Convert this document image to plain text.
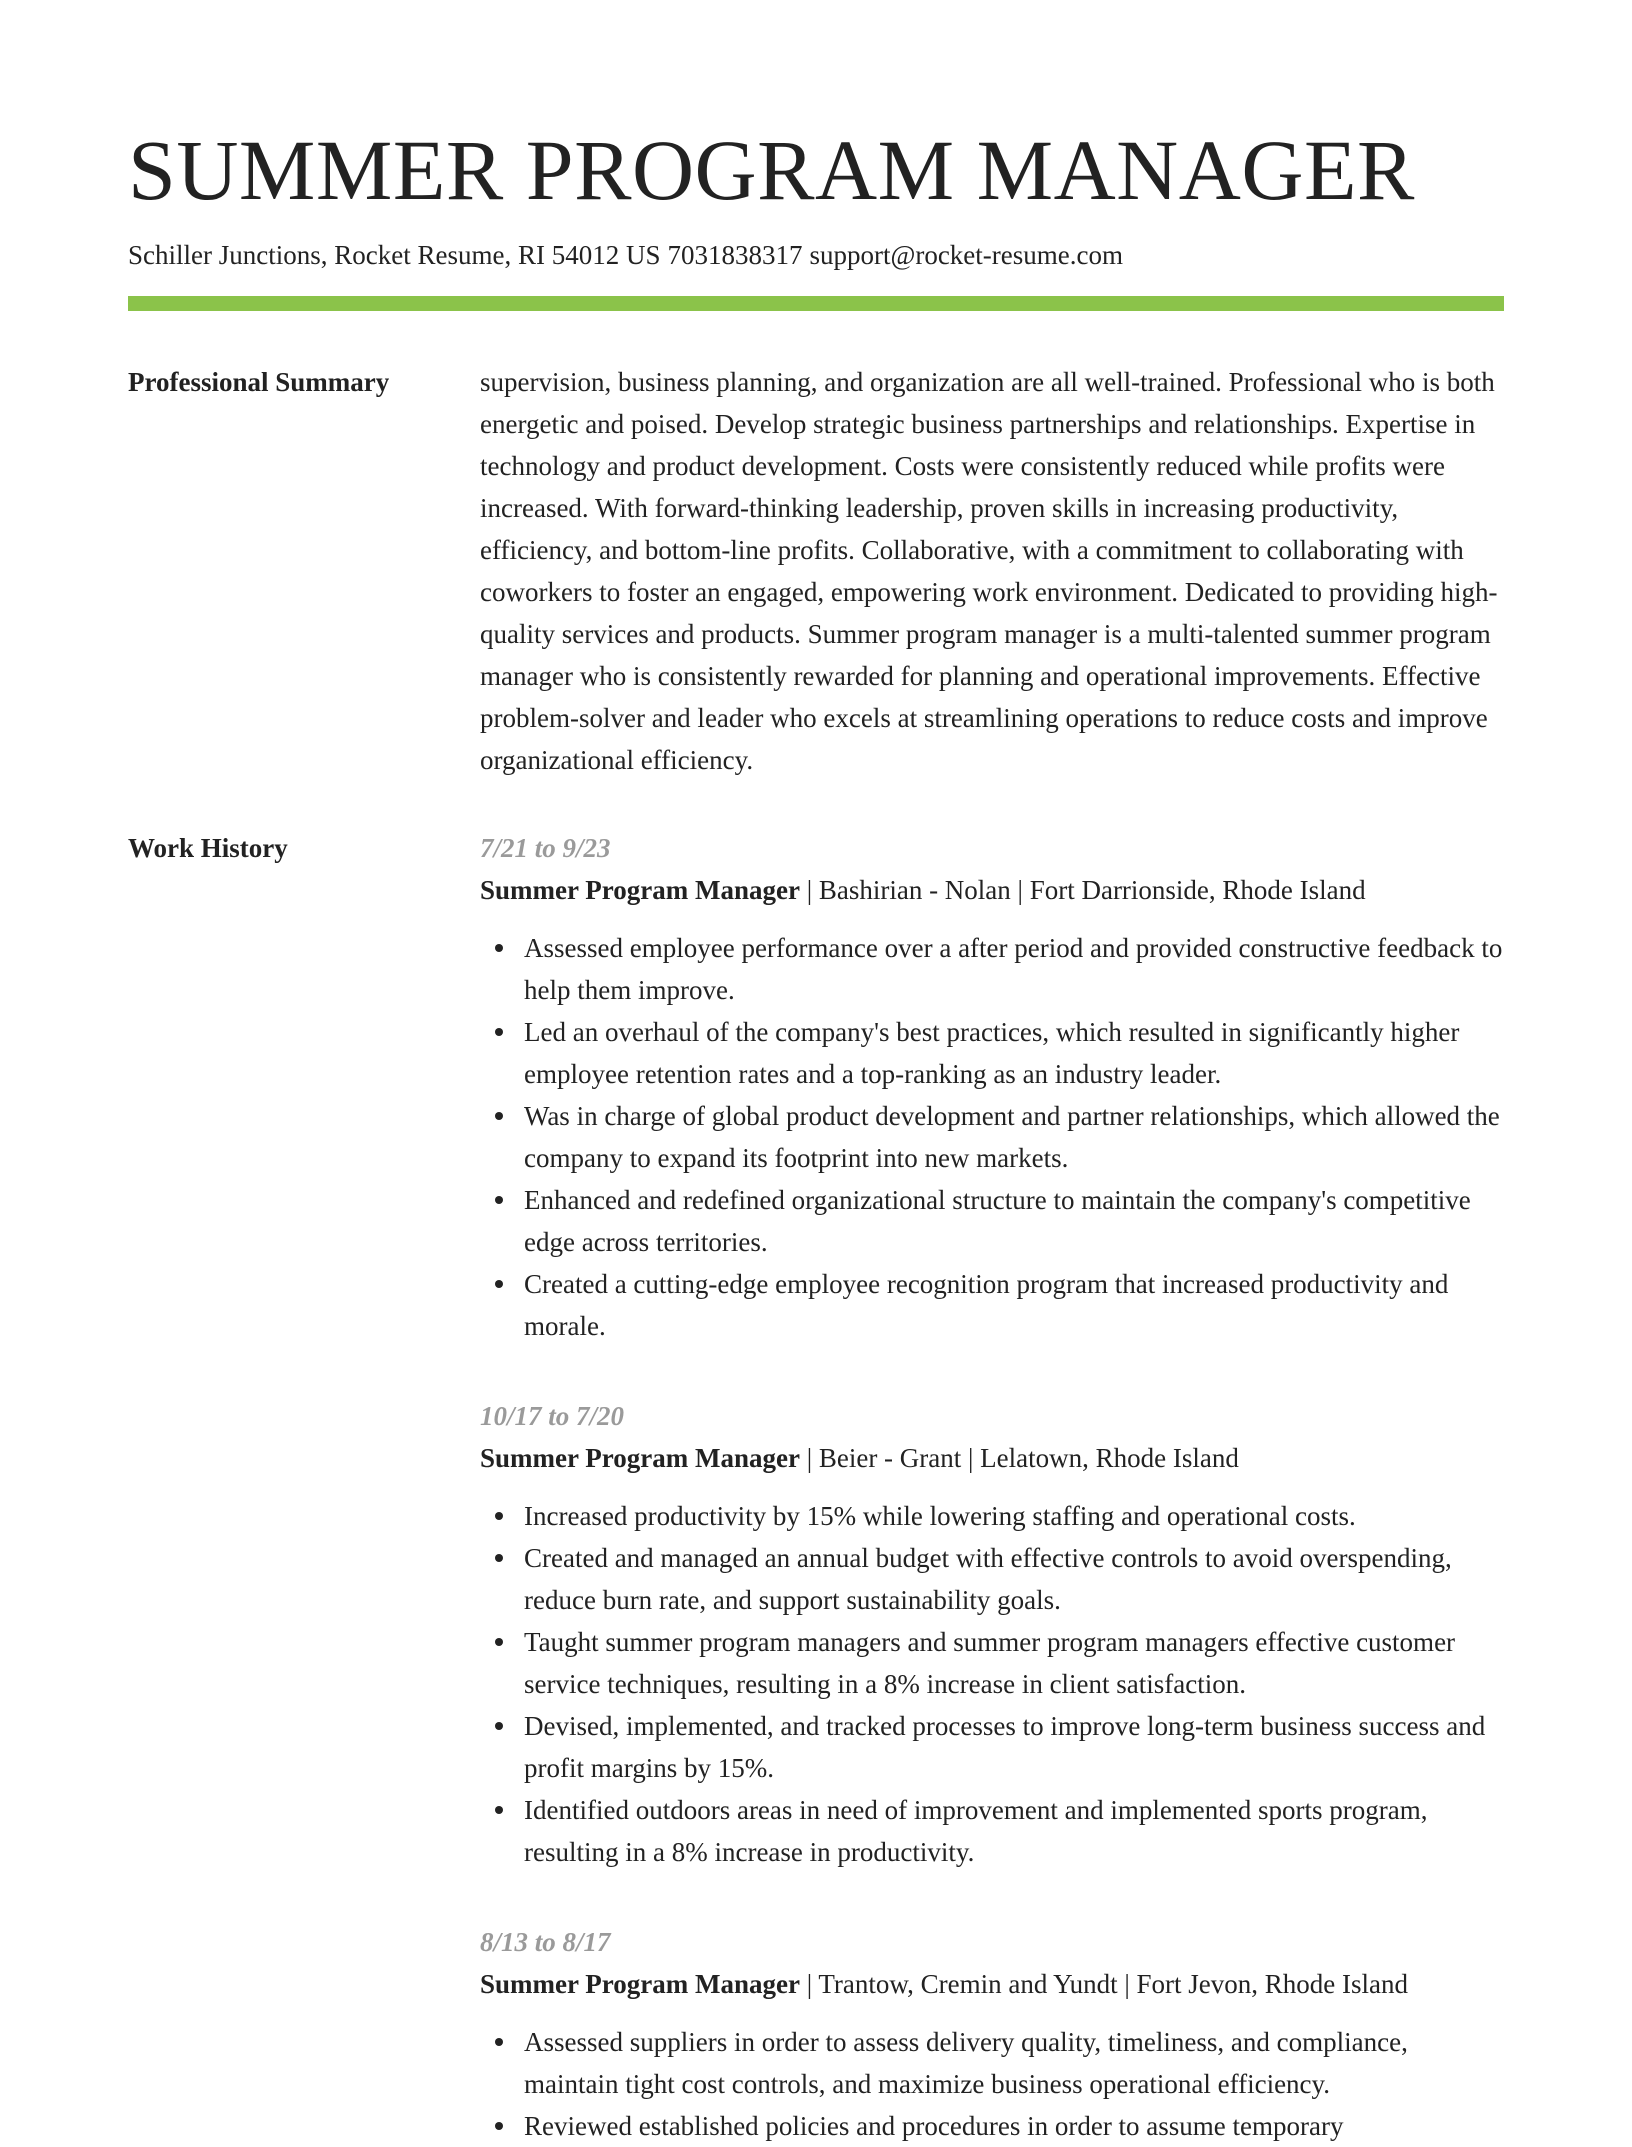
SUMMER PROGRAM MANAGER
Schiller Junctions, Rocket Resume, RI 54012 US 7031838317 support@rocket-resume.com
Professional Summary	supervision, business planning, and organization are all well-trained. Professional who is both energetic and poised. Develop strategic business partnerships and relationships. Expertise in technology and product development. Costs were consistently reduced while profits were increased. With forward-thinking leadership, proven skills in increasing productivity, efficiency, and bottom-line profits. Collaborative, with a commitment to collaborating with coworkers to foster an engaged, empowering work environment. Dedicated to providing high-quality services and products. Summer program manager is a multi-talented summer program manager who is consistently rewarded for planning and operational improvements. Effective problem-solver and leader who excels at streamlining operations to reduce costs and improve organizational efficiency.
Work History	7/21 to 9/23
Summer Program Manager | Bashirian - Nolan | Fort Darrionside, Rhode Island
Assessed employee performance over a after period and provided constructive feedback to help them improve.
Led an overhaul of the company's best practices, which resulted in significantly higher employee retention rates and a top-ranking as an industry leader.
Was in charge of global product development and partner relationships, which allowed the company to expand its footprint into new markets.
Enhanced and redefined organizational structure to maintain the company's competitive edge across territories.
Created a cutting-edge employee recognition program that increased productivity and morale.
10/17 to 7/20
Summer Program Manager | Beier - Grant | Lelatown, Rhode Island
Increased productivity by 15% while lowering staffing and operational costs.
Created and managed an annual budget with effective controls to avoid overspending, reduce burn rate, and support sustainability goals.
Taught summer program managers and summer program managers effective customer service techniques, resulting in a 8% increase in client satisfaction.
Devised, implemented, and tracked processes to improve long-term business success and profit margins by 15%.
Identified outdoors areas in need of improvement and implemented sports program, resulting in a 8% increase in productivity.
8/13 to 8/17
Summer Program Manager | Trantow, Cremin and Yundt | Fort Jevon, Rhode Island
Assessed suppliers in order to assess delivery quality, timeliness, and compliance, maintain tight cost controls, and maximize business operational efficiency.
Reviewed established policies and procedures in order to assume temporary
